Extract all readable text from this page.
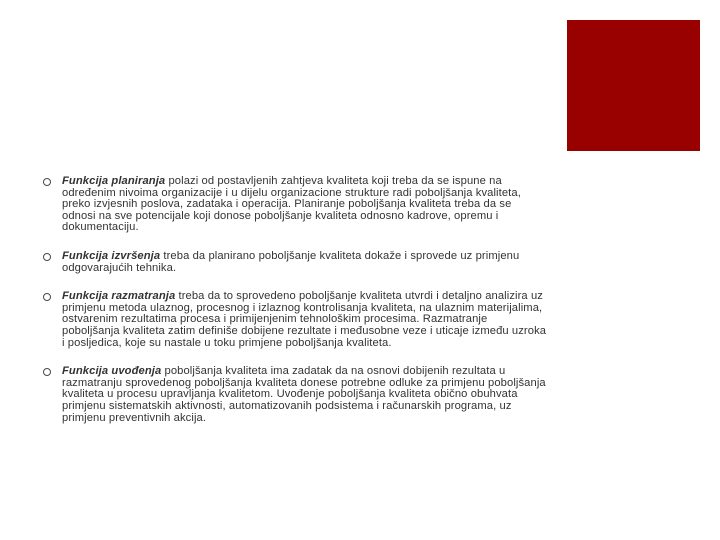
Funkcija planiranja polazi od postavljenih zahtjeva kvaliteta koji treba da se ispune na određenim nivoima organizacije i u dijelu organizacione strukture radi poboljšanja kvaliteta, preko izvjesnih poslova, zadataka i operacija. Planiranje poboljšanja kvaliteta treba da se odnosi na sve potencijale koji donose poboljšanje kvaliteta odnosno kadrove, opremu i dokumentaciju.
Funkcija izvršenja treba da planirano poboljšanje kvaliteta dokaže i sprovede uz primjenu odgovarajućih tehnika.
Funkcija razmatranja treba da to sprovedeno poboljšanje kvaliteta utvrdi i detaljno analizira uz primjenu metoda ulaznog, procesnog i izlaznog kontrolisanja kvaliteta, na ulaznim materijalima, ostvarenim rezultatima procesa i primijenjenim tehnološkim procesima. Razmatranje poboljšanja kvaliteta zatim definiše dobijene rezultate i međusobne veze i uticaje između uzroka i posljedica, koje su nastale u toku primjene poboljšanja kvaliteta.
Funkcija uvođenja poboljšanja kvaliteta ima zadatak da na osnovi dobijenih rezultata u razmatranju sprovedenog poboljšanja kvaliteta donese potrebne odluke za primjenu poboljšanja kvaliteta u procesu upravljanja kvalitetom. Uvođenje poboljšanja kvaliteta obično obuhvata primjenu sistematskih aktivnosti, automatizovanih podsistema i računarskih programa, uz primjenu preventivnih akcija.
